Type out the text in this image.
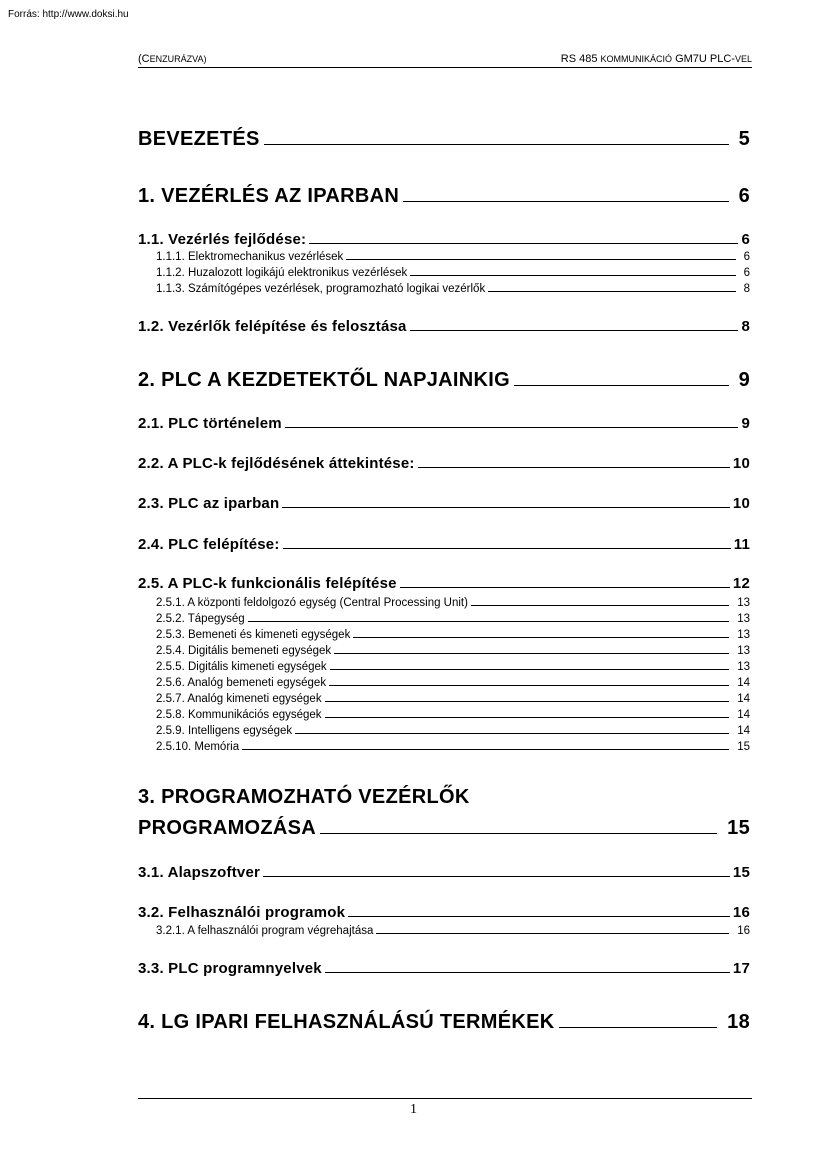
Forrás: http://www.doksi.hu
(CENZURÁZVA)	RS 485 KOMMUNIKÁCIÓ GM7U PLC-VEL
BEVEZETÉS	5
1. VEZÉRLÉS AZ IPARBAN	6
1.1. Vezérlés fejlődése:	6
1.1.1. Elektromechanikus vezérlések	6
1.1.2. Huzalozott logikájú elektronikus vezérlések	6
1.1.3. Számítógépes vezérlések, programozható logikai vezérlők	8
1.2. Vezérlők felépítése és felosztása	8
2. PLC A KEZDETEKTŐL NAPJAINKIG	9
2.1. PLC történelem	9
2.2. A PLC-k fejlődésének áttekintése:	10
2.3. PLC az iparban	10
2.4. PLC felépítése:	11
2.5. A PLC-k funkcionális felépítése	12
2.5.1. A központi feldolgozó egység (Central Processing Unit)	13
2.5.2. Tápegység	13
2.5.3. Bemeneti és kimeneti egységek	13
2.5.4. Digitális bemeneti egységek	13
2.5.5. Digitális kimeneti egységek	13
2.5.6. Analóg bemeneti egységek	14
2.5.7. Analóg kimeneti egységek	14
2.5.8. Kommunikációs egységek	14
2.5.9. Intelligens egységek	14
2.5.10. Memória	15
3. PROGRAMOZHATÓ VEZÉRLŐK
PROGRAMOZÁSA	15
3.1. Alapszoftver	15
3.2. Felhasználói programok	16
3.2.1. A felhasználói program végrehajtása	16
3.3. PLC programnyelvek	17
4. LG IPARI FELHASZNÁLÁSÚ TERMÉKEK	18
1
